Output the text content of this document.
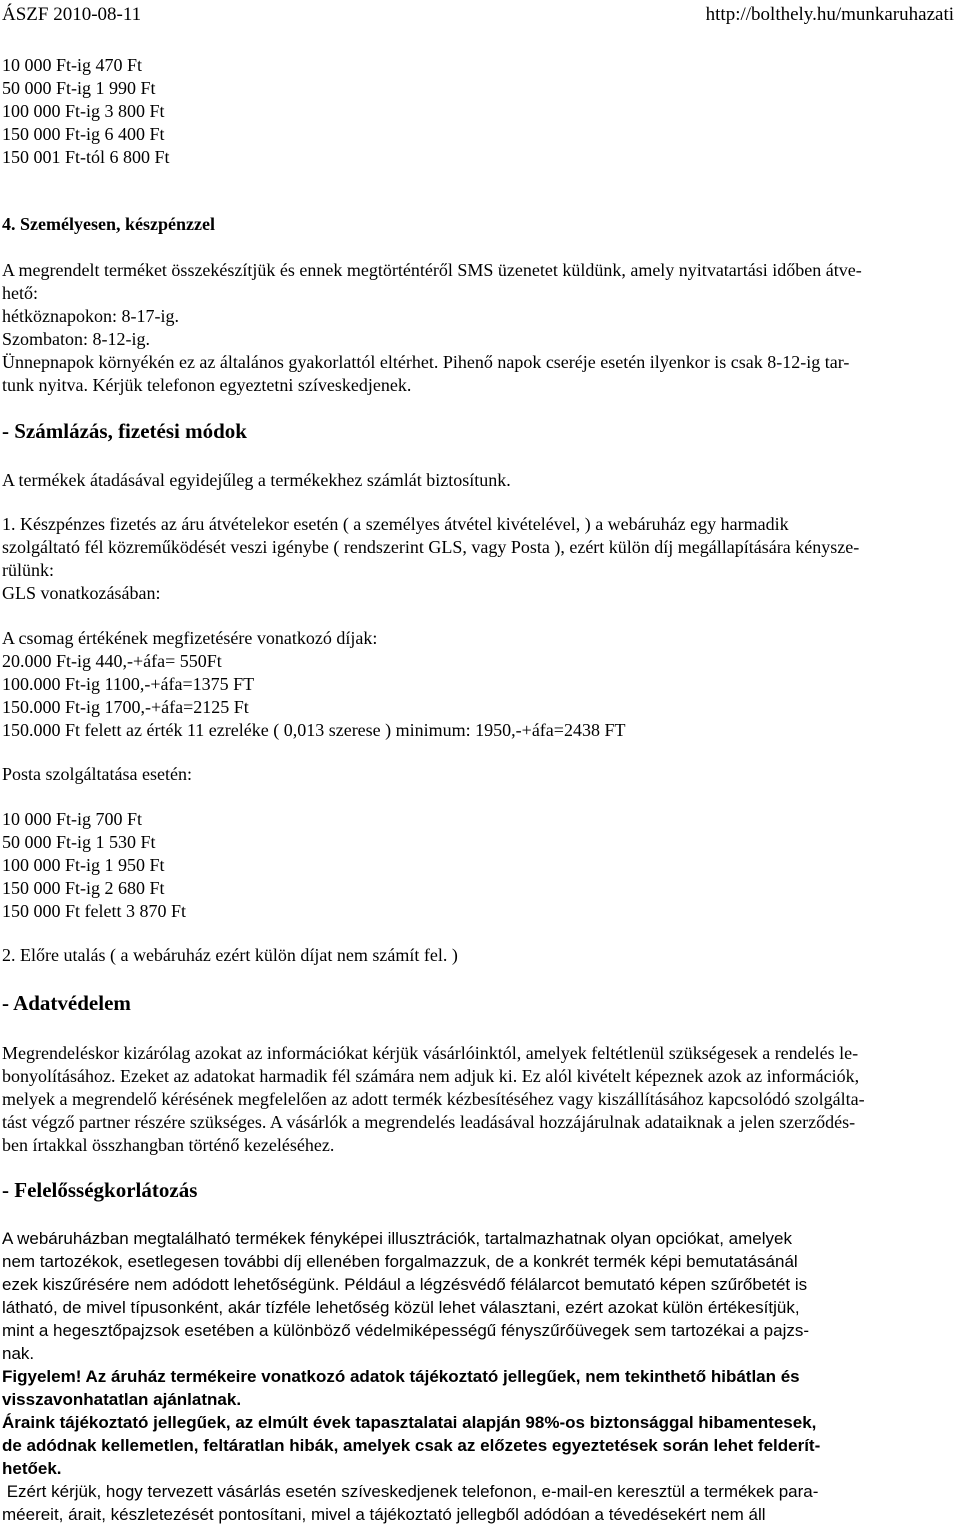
ÁSZF 2010-08-11	http://bolthely.hu/munkaruhazati
10 000 Ft-ig 470 Ft
50 000 Ft-ig 1 990 Ft
100 000 Ft-ig 3 800 Ft
150 000 Ft-ig 6 400 Ft
150 001 Ft-tól 6 800 Ft
4. Személyesen, készpénzzel
A megrendelt terméket összekészítjük és ennek megtörténtéről SMS üzenetet küldünk, amely nyitvatartási időben átve-
hető:
hétköznapokon: 8-17-ig.
Szombaton: 8-12-ig.
Ünnepnapok környékén ez az általános gyakorlattól eltérhet. Pihenő napok cseréje esetén ilyenkor is csak 8-12-ig tar-
tunk nyitva. Kérjük telefonon egyeztetni szíveskedjenek.
- Számlázás, fizetési módok
A termékek átadásával egyidejűleg a termékekhez számlát biztosítunk.
1. Készpénzes fizetés az áru átvételekor esetén ( a személyes átvétel kivételével, ) a webáruház egy harmadik
szolgáltató fél közreműködését veszi igénybe ( rendszerint GLS, vagy Posta ), ezért külön díj megállapítására kénysze-
rülünk:
GLS vonatkozásában:
A csomag értékének megfizetésére vonatkozó díjak:
20.000 Ft-ig 440,-+áfa= 550Ft
100.000 Ft-ig 1100,-+áfa=1375 FT
150.000 Ft-ig 1700,-+áfa=2125 Ft
150.000 Ft felett az érték 11 ezreléke ( 0,013 szerese ) minimum: 1950,-+áfa=2438 FT
Posta szolgáltatása esetén:
10 000 Ft-ig 700 Ft
50 000 Ft-ig 1 530 Ft
100 000 Ft-ig 1 950 Ft
150 000 Ft-ig 2 680 Ft
150 000 Ft felett 3 870 Ft
2. Előre utalás ( a webáruház ezért külön díjat nem számít fel. )
- Adatvédelem
Megrendeléskor kizárólag azokat az információkat kérjük vásárlóinktól, amelyek feltétlenül szükségesek a rendelés le-
bonyolításához. Ezeket az adatokat harmadik fél számára nem adjuk ki. Ez alól kivételt képeznek azok az információk,
melyek a megrendelő kérésének megfelelően az adott termék kézbesítéséhez vagy kiszállításához kapcsolódó szolgálta-
tást végző partner részére szükséges. A vásárlók a megrendelés leadásával hozzájárulnak adataiknak a jelen szerződés-
ben írtakkal összhangban történő kezeléséhez.
- Felelősségkorlátozás
A webáruházban megtalálható termékek fényképei illusztrációk, tartalmazhatnak olyan opciókat, amelyek
nem tartozékok, esetlegesen további díj ellenében forgalmazzuk, de a konkrét termék képi bemutatásánál
ezek kiszűrésére nem adódott lehetőségünk. Például a légzésvédő félálarcot bemutató képen szűrőbetét is
látható, de mivel típusonként, akár tízféle lehetőség közül lehet választani, ezért azokat külön értékesítjük,
mint a hegesztőpajzsok esetében a különböző védelmiképességű fényszűrőüvegek sem tartozékai a pajzs-
nak.
Figyelem! Az áruház termékeire vonatkozó adatok tájékoztató jellegűek, nem tekinthető hibátlan és
visszavonhatatlan ajánlatnak.
Áraink tájékoztató jellegűek, az elmúlt évek tapasztalatai alapján 98%-os biztonsággal hibamentesek,
de adódnak kellemetlen, feltáratlan hibák, amelyek csak az előzetes egyeztetések során lehet felderít-
hetőek.
Ezért kérjük, hogy tervezett vásárlás esetén szíveskedjenek telefonon, e-mail-en keresztül a termékek para-
méereit, árait, készletezését pontosítani, mivel a tájékoztató jellegből adódóan a tévedésekért nem áll
